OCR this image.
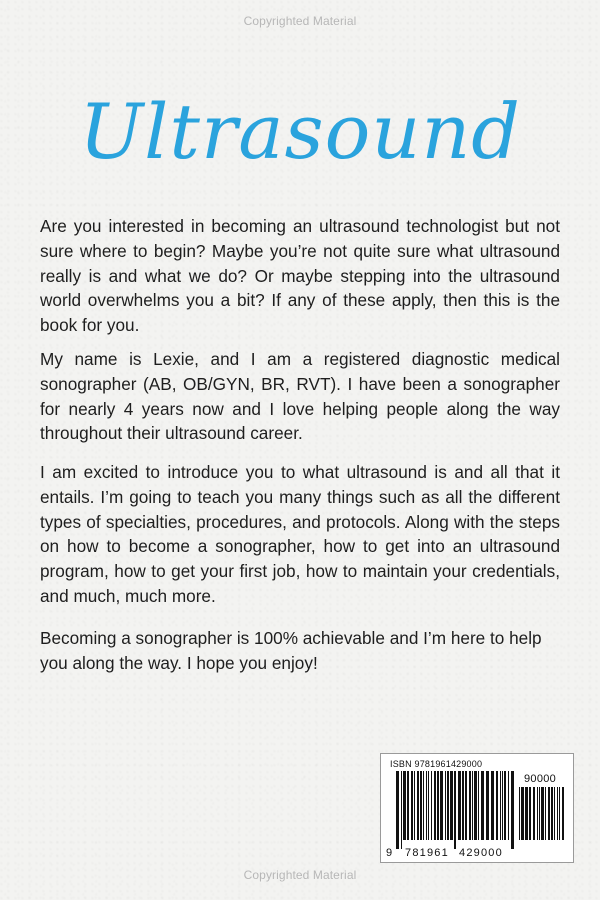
Copyrighted Material
Ultrasound

Are you interested in becoming an ultrasound technologist but not sure where to begin? Maybe you’re not quite sure what ultrasound really is and what we do? Or maybe stepping into the ultrasound world overwhelms you a bit? If any of these apply, then this is the book for you.

My name is Lexie, and I am a registered diagnostic medical sonographer (AB, OB/GYN, BR, RVT). I have been a sonographer for nearly 4 years now and I love helping people along the way throughout their ultrasound career.

I am excited to introduce you to what ultrasound is and all that it entails. I’m going to teach you many things such as all the different types of specialties, procedures, and protocols. Along with the steps on how to become a sonographer, how to get into an ultrasound program, how to get your first job, how to maintain your credentials, and much, much more.

Becoming a sonographer is 100% achievable and I’m here to help you along the way. I hope you enjoy!

ISBN 9781961429000
90000
9 781961 429000
Copyrighted Material
